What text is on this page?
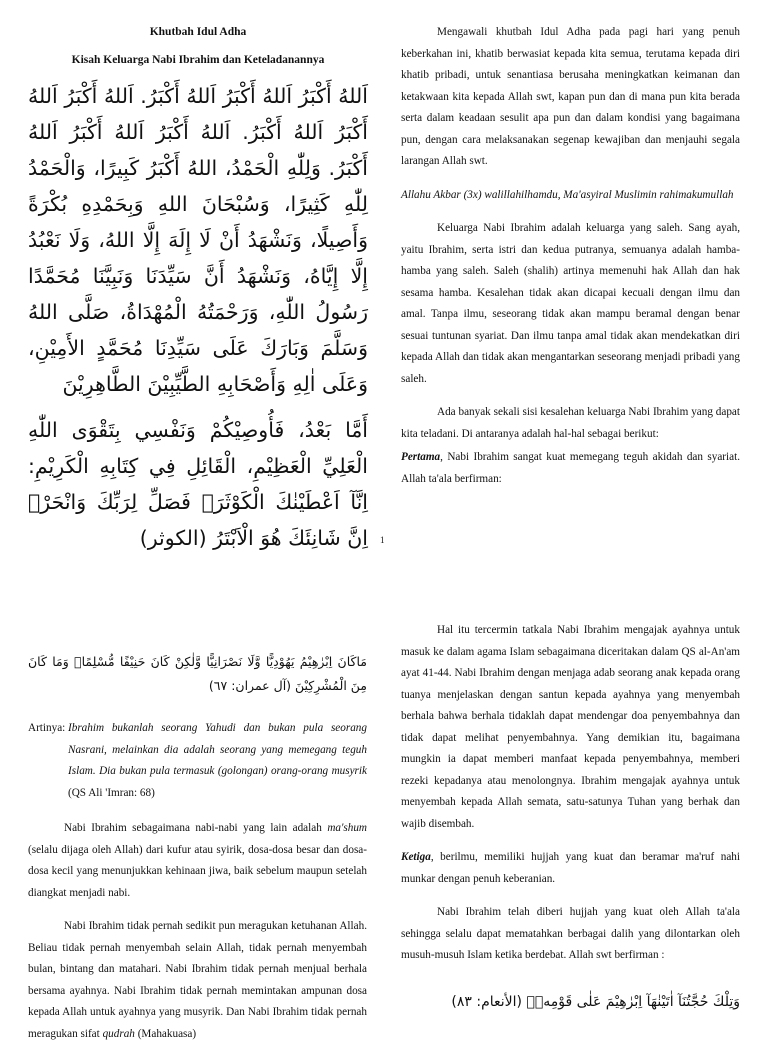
Khutbah Idul Adha

Kisah Keluarga Nabi Ibrahim dan Keteladanannya

اَللهُ أَكْبَرُ اَللهُ أَكْبَرُ اَللهُ أَكْبَرُ. اَللهُ أَكْبَرُ اَللهُ أَكْبَرُ اَللهُ أَكْبَرُ. اَللهُ أَكْبَرُ اَللهُ أَكْبَرُ اَللهُ أَكْبَرُ. وَلِلّٰهِ الْحَمْدُ، اللهُ أَكْبَرُ كَبِيرًا، وَالْحَمْدُ لِلّٰهِ كَثِيرًا، وَسُبْحَانَ اللهِ وَبِحَمْدِهِ بُكْرَةً وَأَصِيلًا، وَنَشْهَدُ أَنْ لَا إِلَهَ إِلَّا اللهُ، وَلَا نَعْبُدُ إِلَّا إِيَّاهُ، وَنَشْهَدُ أَنَّ سَيِّدَنَا وَنَبِيَّنَا مُحَمَّدًا رَسُولُ اللّٰهِ، وَرَحْمَتُهُ الْمُهْدَاةُ، صَلَّى اللهُ وَسَلَّمَ وَبَارَكَ عَلَى سَيِّدِنَا مُحَمَّدٍ الأَمِيْنِ، وَعَلَى اٰلِهِ وَأَصْحَابِهِ الطَّيِّبِيْنَ الطَّاهِرِيْنَ

أَمَّا بَعْدُ، فَأُوصِيْكُمْ وَنَفْسِي بِتَقْوَى اللّٰهِ الْعَلِيِّ الْعَظِيْمِ، الْقَائِلِ فِي كِتَابِهِ الْكَرِيْمِ: اِنَّآ اَعْطَيْنٰكَ الْكَوْثَرَۗ فَصَلِّ لِرَبِّكَ وَانْحَرْۗ اِنَّ شَانِئَكَ هُوَ الْاَبْتَرُ (الكوثر)

Mengawali khutbah Idul Adha pada pagi hari yang penuh keberkahan ini, khatib berwasiat kepada kita semua, terutama kepada diri khatib pribadi, untuk senantiasa berusaha meningkatkan keimanan dan ketakwaan kita kepada Allah swt, kapan pun dan di mana pun kita berada serta dalam keadaan sesulit apa pun dan dalam kondisi yang bagaimana pun, dengan cara melaksanakan segenap kewajiban dan menjauhi segala larangan Allah swt.

Allahu Akbar (3x) walillahilhamdu, Ma'asyiral Muslimin rahimakumullah

Keluarga Nabi Ibrahim adalah keluarga yang saleh. Sang ayah, yaitu Ibrahim, serta istri dan kedua putranya, semuanya adalah hamba-hamba yang saleh. Saleh (shalih) artinya memenuhi hak Allah dan hak sesama hamba. Kesalehan tidak akan dicapai kecuali dengan ilmu dan amal. Tanpa ilmu, seseorang tidak akan mampu beramal dengan benar sesuai tuntunan syariat. Dan ilmu tanpa amal tidak akan mendekatkan diri kepada Allah dan tidak akan mengantarkan seseorang menjadi pribadi yang saleh.

Ada banyak sekali sisi kesalehan keluarga Nabi Ibrahim yang dapat kita teladani. Di antaranya adalah hal-hal sebagai berikut:

Pertama, Nabi Ibrahim sangat kuat memegang teguh akidah dan syariat. Allah ta'ala berfirman:

1

مَاكَانَ اِبْرٰهِيْمُ يَهُوْدِيًّا وَّلَا نَصْرَانِيًّا وَّلٰكِنْ كَانَ حَنِيْفًا مُّسْلِمًاۗ وَمَا كَانَ مِنَ الْمُشْرِكِيْنَ (آل عمران: ٦٧)

Artinya: Ibrahim bukanlah seorang Yahudi dan bukan pula seorang Nasrani, melainkan dia adalah seorang yang memegang teguh Islam. Dia bukan pula termasuk (golongan) orang-orang musyrik (QS Ali 'Imran: 68)

Nabi Ibrahim sebagaimana nabi-nabi yang lain adalah ma'shum (selalu dijaga oleh Allah) dari kufur atau syirik, dosa-dosa besar dan dosa-dosa kecil yang menunjukkan kehinaan jiwa, baik sebelum maupun setelah diangkat menjadi nabi.

Nabi Ibrahim tidak pernah sedikit pun meragukan ketuhanan Allah. Beliau tidak pernah menyembah selain Allah, tidak pernah menyembah bulan, bintang dan matahari. Nabi Ibrahim tidak pernah menjual berhala bersama ayahnya. Nabi Ibrahim tidak pernah memintakan ampunan dosa kepada Allah untuk ayahnya yang musyrik. Dan Nabi Ibrahim tidak pernah meragukan sifat qudrah (Mahakuasa)

Hal itu tercermin tatkala Nabi Ibrahim mengajak ayahnya untuk masuk ke dalam agama Islam sebagaimana diceritakan dalam QS al-An'am ayat 41-44. Nabi Ibrahim dengan menjaga adab seorang anak kepada orang tuanya menjelaskan dengan santun kepada ayahnya yang menyembah berhala bahwa berhala tidaklah dapat mendengar doa penyembahnya dan tidak dapat melihat penyembahnya. Yang demikian itu, bagaimana mungkin ia dapat memberi manfaat kepada penyembahnya, memberi rezeki kepadanya atau menolongnya. Ibrahim mengajak ayahnya untuk menyembah kepada Allah semata, satu-satunya Tuhan yang berhak dan wajib disembah.

Ketiga, berilmu, memiliki hujjah yang kuat dan beramar ma'ruf nahi munkar dengan penuh keberanian.

Nabi Ibrahim telah diberi hujjah yang kuat oleh Allah ta'ala sehingga selalu dapat mematahkan berbagai dalih yang dilontarkan oleh musuh-musuh Islam ketika berdebat. Allah swt berfirman :

وَتِلْكَ حُجَّتُنَآ اٰتَيْنٰهَآ اِبْرٰهِيْمَ عَلٰى قَوْمِهٖۗ (الأنعام: ٨٣)
